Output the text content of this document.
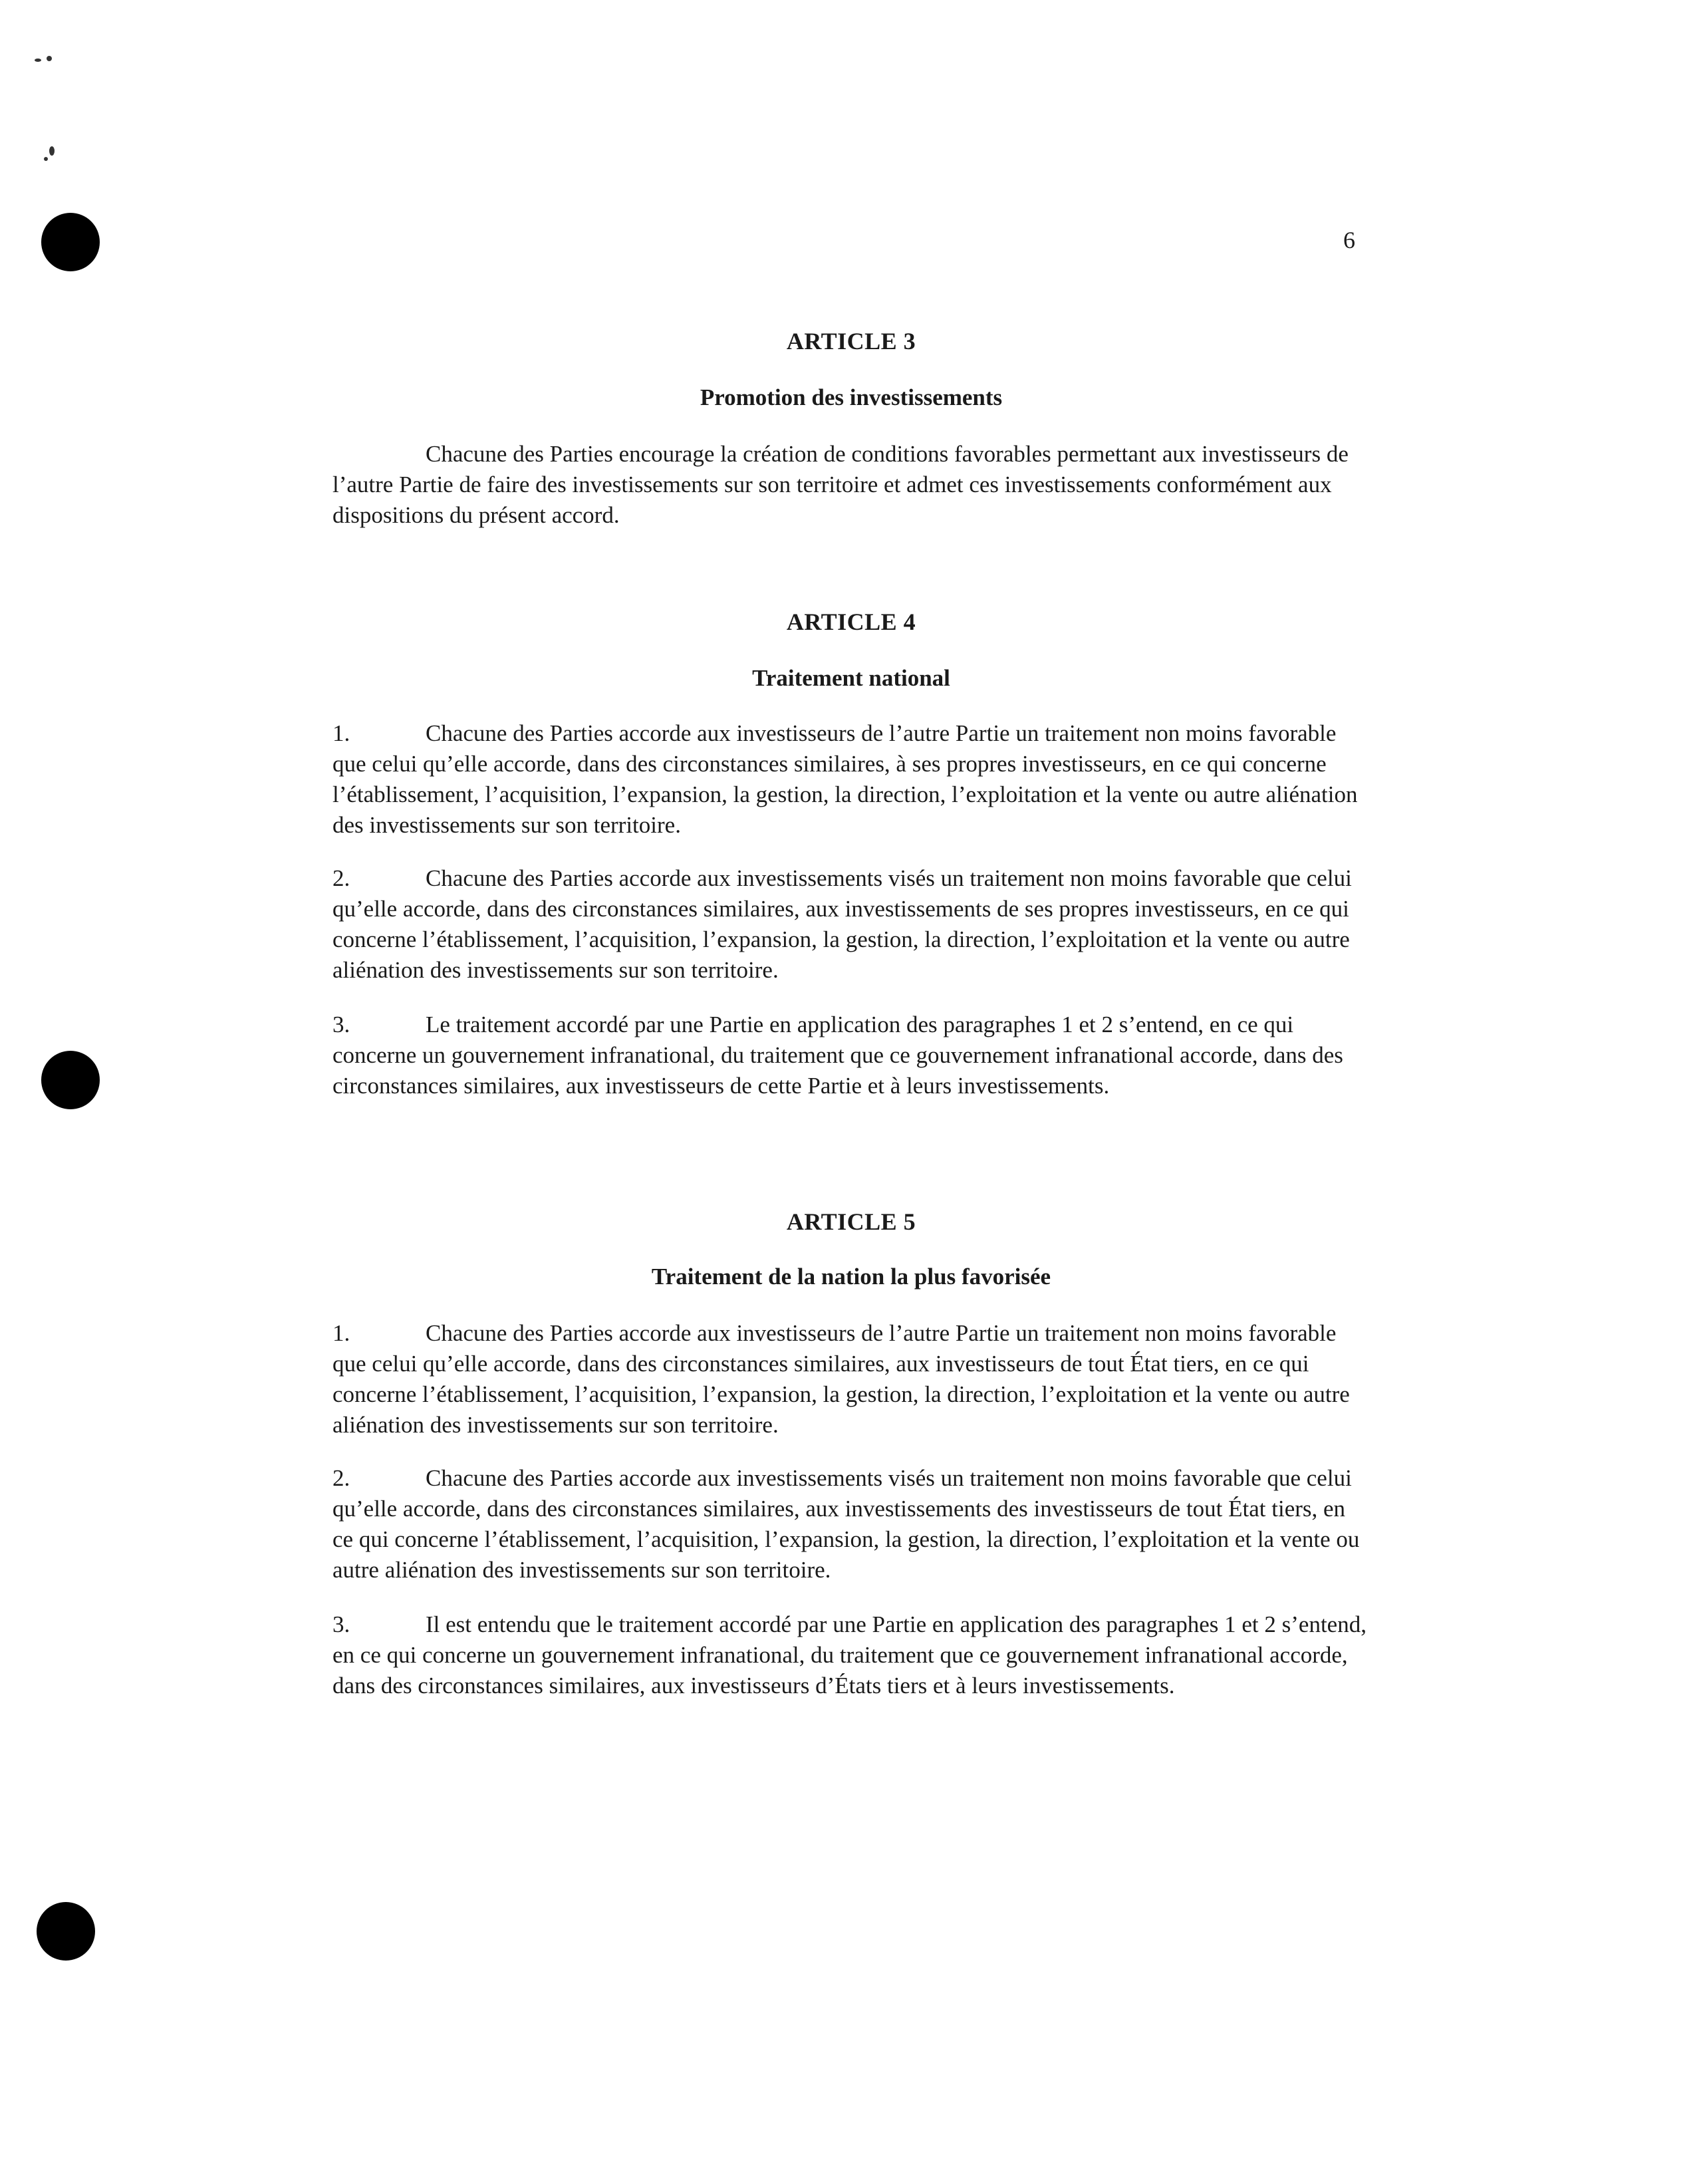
6
ARTICLE 3
Promotion des investissements
Chacune des Parties encourage la création de conditions favorables permettant aux investisseurs de l’autre Partie de faire des investissements sur son territoire et admet ces investissements conformément aux dispositions du présent accord.
ARTICLE 4
Traitement national
1.	Chacune des Parties accorde aux investisseurs de l’autre Partie un traitement non moins favorable que celui qu’elle accorde, dans des circonstances similaires, à ses propres investisseurs, en ce qui concerne l’établissement, l’acquisition, l’expansion, la gestion, la direction, l’exploitation et la vente ou autre aliénation des investissements sur son territoire.
2.	Chacune des Parties accorde aux investissements visés un traitement non moins favorable que celui qu’elle accorde, dans des circonstances similaires, aux investissements de ses propres investisseurs, en ce qui concerne l’établissement, l’acquisition, l’expansion, la gestion, la direction, l’exploitation et la vente ou autre aliénation des investissements sur son territoire.
3.	Le traitement accordé par une Partie en application des paragraphes 1 et 2 s’entend, en ce qui concerne un gouvernement infranational, du traitement que ce gouvernement infranational accorde, dans des circonstances similaires, aux investisseurs de cette Partie et à leurs investissements.
ARTICLE 5
Traitement de la nation la plus favorisée
1.	Chacune des Parties accorde aux investisseurs de l’autre Partie un traitement non moins favorable que celui qu’elle accorde, dans des circonstances similaires, aux investisseurs de tout État tiers, en ce qui concerne l’établissement, l’acquisition, l’expansion, la gestion, la direction, l’exploitation et la vente ou autre aliénation des investissements sur son territoire.
2.	Chacune des Parties accorde aux investissements visés un traitement non moins favorable que celui qu’elle accorde, dans des circonstances similaires, aux investissements des investisseurs de tout État tiers, en ce qui concerne l’établissement, l’acquisition, l’expansion, la gestion, la direction, l’exploitation et la vente ou autre aliénation des investissements sur son territoire.
3.	Il est entendu que le traitement accordé par une Partie en application des paragraphes 1 et 2 s’entend, en ce qui concerne un gouvernement infranational, du traitement que ce gouvernement infranational accorde, dans des circonstances similaires, aux investisseurs d’États tiers et à leurs investissements.
